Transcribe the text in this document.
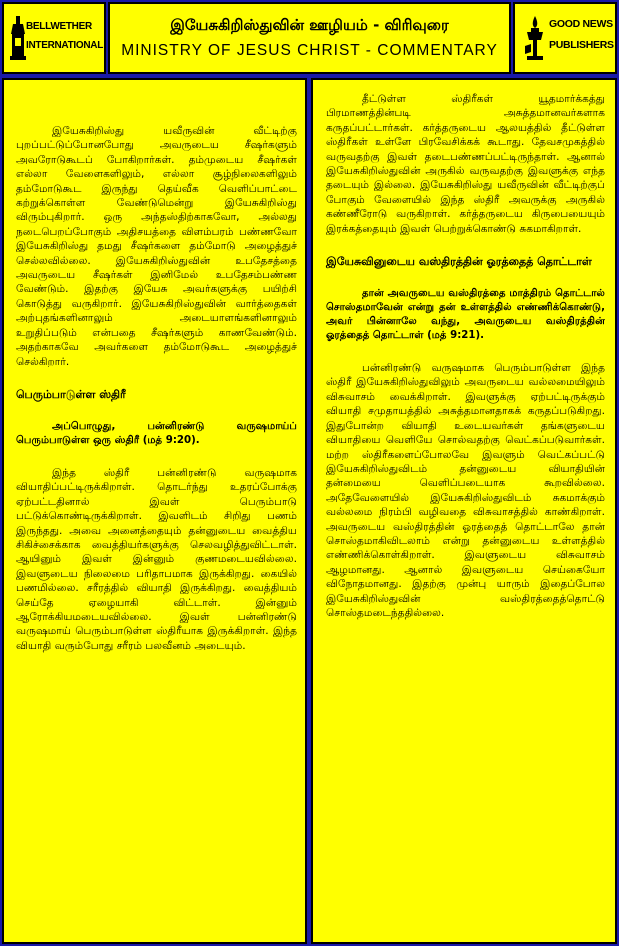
BELLWETHER
INTERNATIONAL
இயேசுகிறிஸ்துவின் ஊழியம் - விரிவுரை
MINISTRY OF JESUS CHRIST - COMMENTARY
GOOD NEWS
PUBLISHERS

இயேசுகிறிஸ்து யவீருவின் வீட்டிற்கு புறப்பட்டுப்போனபோது அவருடைய சீஷர்களும் அவரோடுகூடப் போகிறார்கள். தம்முடைய சீஷர்கள் எல்லா வேளைகளிலும், எல்லா சூழ்நிலைகளிலும் தம்மோடுகூட இருந்து தெய்வீக வெளிப்பாட்டை கற்றுக்கொள்ள வேண்டுமென்று இயேசுகிறிஸ்து விரும்புகிறார். ஒரு அந்தஸ்திற்காகவோ, அல்லது நடைபெறப்போகும் அதிசயத்தை விளம்பரம் பண்ணவோ இயேசுகிறிஸ்து தமது சீஷர்களை தம்மோடு அழைத்துச் செல்லவில்லை. இயேசுகிறிஸ்துவின் உபதேசத்தை அவருடைய சீஷர்கள் இனிமேல் உபதேசம்பண்ண வேண்டும். இதற்கு இயேசு அவர்களுக்கு பயிற்சி கொடுத்து வருகிறார். இயேசுகிறிஸ்துவின் வார்த்தைகள் அற்புதங்களினாலும் அடையாளங்களினாலும் உறுதிப்படும் என்பதை சீஷர்களும் காணவேண்டும். அதற்காகவே அவர்களை தம்மோடுகூட அழைத்துச் செல்கிறார்.

பெரும்பாடுள்ள ஸ்திரீ
அப்பொழுது, பன்னிரண்டு வருஷமாய்ப் பெரும்பாடுள்ள ஒரு ஸ்திரீ (மத் 9:20).

இந்த ஸ்திரீ பன்னிரண்டு வருஷமாக வியாதிப்பட்டிருக்கிறாள். தொடர்ந்து உதரப்போக்கு ஏற்பட்டதினால் இவள் பெரும்பாடு பட்டுக்கொண்டிருக்கிறாள். இவளிடம் சிறிது பணம் இருந்தது. அவை அனைத்தையும் தன்னுடைய வைத்திய சிகிச்சைக்காக வைத்தியர்களுக்கு செலவழித்துவிட்டாள். ஆயினும் இவள் இன்னும் குணமடையவில்லை. இவளுடைய நிலைமை பரிதாபமாக இருக்கிறது. கையில் பணமில்லை. சரீரத்தில் வியாதி இருக்கிறது. வைத்தியம் செய்தே ஏழையாகி விட்டாள். இன்னும் ஆரோக்கியமடையவில்லை. இவள் பன்னிரண்டு வருஷமாய் பெரும்பாடுள்ள ஸ்திரீயாக இருக்கிறாள். இந்த வியாதி வரும்போது சரீரம் பலவீனம் அடையும்.

தீட்டுள்ள ஸ்திரீகள் யூதமார்க்கத்து பிரமாணத்தின்படி அசுத்தமானவர்களாக கருதப்பட்டார்கள். கர்த்தருடைய ஆலயத்தில் தீட்டுள்ள ஸ்திரீகள் உள்ளே பிரவேசிக்கக் கூடாது. தேவசமுகத்தில் வருவதற்கு இவள் தடைபண்ணப்பட்டிருந்தாள். ஆனால் இயேசுகிறிஸ்துவின் அருகில் வருவதற்கு இவளுக்கு எந்த தடையும் இல்லை. இயேசுகிறிஸ்து யவீருவின் வீட்டிற்குப் போகும் வேளையில் இந்த ஸ்திரீ அவருக்கு அருகில் கண்ணீரோடு வருகிறாள். கர்த்தருடைய கிருபையையும் இரக்கத்தையும் இவள் பெற்றுக்கொண்டு சுகமாகிறாள்.

இயேசுவினுடைய வஸ்திரத்தின் ஓரத்தைத் தொட்டாள்
தான் அவருடைய வஸ்திரத்தை மாத்திரம் தொட்டால் சொஸ்தமாவேன் என்று தன் உள்ளத்தில் எண்ணிக்கொண்டு, அவர் பின்னாலே வந்து, அவருடைய வஸ்திரத்தின் ஓரத்தைத் தொட்டாள் (மத் 9:21).

பன்னிரண்டு வருஷமாக பெரும்பாடுள்ள இந்த ஸ்திரீ இயேசுகிறிஸ்துவிலும் அவருடைய வல்லமையிலும் விசுவாசம் வைக்கிறாள். இவளுக்கு ஏற்பட்டிருக்கும் வியாதி சமுதாயத்தில் அசுத்தமானதாகக் கருதப்படுகிறது. இதுபோன்ற வியாதி உடையவர்கள் தங்களுடைய வியாதியை வெளியே சொல்வதற்கு வெட்கப்படுவார்கள். மற்ற ஸ்திரீகளைப்போலவே இவளும் வெட்கப்பட்டு இயேசுகிறிஸ்துவிடம் தன்னுடைய வியாதியின் தன்மையை வெளிப்படையாக கூறவில்லை. அதேவேளையில் இயேசுகிறிஸ்துவிடம் சுகமாக்கும் வல்லமை நிரம்பி வழிவதை விசுவாசத்தில் காண்கிறாள். அவருடைய வஸ்திரத்தின் ஓரத்தைத் தொட்டாலே தான் சொஸ்தமாகிவிடலாம் என்று தன்னுடைய உள்ளத்தில் எண்ணிக்கொள்கிறாள். இவளுடைய விசுவாசம் ஆழமானது. ஆனால் இவளுடைய செய்கையோ விநோதமானது. இதற்கு முன்பு யாரும் இதைப்போல இயேசுகிறிஸ்துவின் வஸ்திரத்தைத்தொட்டு சொஸ்தமடைந்ததில்லை.
